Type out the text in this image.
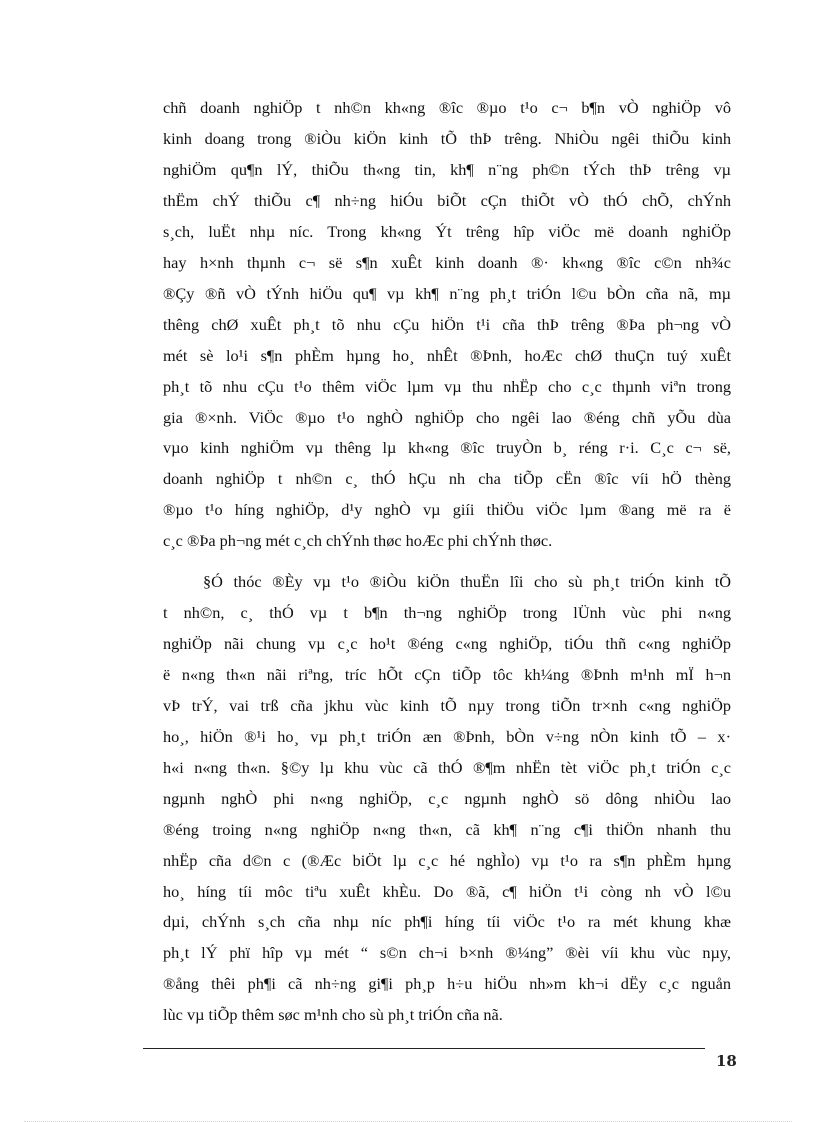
chñ doanh nghiÖp t nh©n kh«ng ®îc ®µo t¹o c¬ b¶n vÒ nghiÖp vô
kinh doang trong ®iÒu kiÖn kinh tÕ thÞ trêng. NhiÒu ngêi thiÕu kinh
nghiÖm qu¶n lÝ, thiÕu th«ng tin, kh¶ n¨ng ph©n tÝch thÞ trêng vµ
thËm chÝ thiÕu c¶ nh÷ng hiÓu biÕt cÇn thiÕt vÒ thÓ chÕ, chÝnh
s¸ch, luËt nhµ níc. Trong kh«ng Ýt trêng hîp viÖc më doanh nghiÖp
hay h×nh thµnh c¬ së s¶n xuÊt kinh doanh ®· kh«ng ®îc c©n nh¾c
®Çy ®ñ vÒ tÝnh hiÖu qu¶ vµ kh¶ n¨ng ph¸t triÓn l©u bÒn cña nã, mµ
thêng chØ xuÊt ph¸t tõ nhu cÇu hiÖn t¹i cña thÞ trêng ®Þa ph¬ng vÒ
mét sè lo¹i s¶n phÈm hµng ho¸ nhÊt ®Þnh, hoÆc chØ thuÇn tuý xuÊt
ph¸t tõ nhu cÇu t¹o thêm viÖc lµm vµ thu nhËp cho c¸c thµnh viªn trong
gia ®×nh. ViÖc ®µo t¹o nghÒ nghiÖp cho ngêi lao ®éng chñ yÕu dùa
vµo kinh nghiÖm vµ thêng lµ kh«ng ®îc truyÒn b¸ réng r·i. C¸c c¬ së,
doanh nghiÖp t nh©n c¸ thÓ hÇu nh cha tiÕp cËn ®îc víi hÖ thèng
®µo t¹o híng nghiÖp, d¹y nghÒ vµ giíi thiÖu viÖc lµm ®ang më ra ë
c¸c ®Þa ph¬ng mét c¸ch chÝnh thøc hoÆc phi chÝnh thøc.
§Ó thóc ®Èy vµ t¹o ®iÒu kiÖn thuËn lîi cho sù ph¸t triÓn kinh tÕ
t nh©n, c¸ thÓ vµ t b¶n th¬ng nghiÖp trong lÜnh vùc phi n«ng
nghiÖp nãi chung vµ c¸c ho¹t ®éng c«ng nghiÖp, tiÓu thñ c«ng nghiÖp
ë n«ng th«n nãi riªng, tríc hÕt cÇn tiÕp tôc kh¼ng ®Þnh m¹nh mÏ h¬n
vÞ trÝ, vai trß cña jkhu vùc kinh tÕ nµy trong tiÕn tr×nh c«ng nghiÖp
ho¸, hiÖn ®¹i ho¸ vµ ph¸t triÓn æn ®Þnh, bÒn v÷ng nÒn kinh tÕ – x·
h«i n«ng th«n. §©y lµ khu vùc cã thÓ ®¶m nhËn tèt viÖc ph¸t triÓn c¸c
ngµnh nghÒ phi n«ng nghiÖp, c¸c ngµnh nghÒ sö dông nhiÒu lao
®éng troing n«ng nghiÖp n«ng th«n, cã kh¶ n¨ng c¶i thiÖn nhanh thu
nhËp cña d©n c (®Æc biÖt lµ c¸c hé nghÌo) vµ t¹o ra s¶n phÈm hµng
ho¸ híng tíi môc tiªu xuÊt khÈu. Do ®ã, c¶ hiÖn t¹i còng nh vÒ l©u
dµi, chÝnh s¸ch cña nhµ níc ph¶i híng tíi viÖc t¹o ra mét khung khæ
ph¸t lÝ phï hîp vµ mét “ s©n ch¬i b×nh ®¼ng” ®èi víi khu vùc nµy,
®ång thêi ph¶i cã nh÷ng gi¶i ph¸p h÷u hiÖu nh»m kh¬i dËy c¸c nguån
lùc vµ tiÕp thêm søc m¹nh cho sù ph¸t triÓn cña nã.
18
